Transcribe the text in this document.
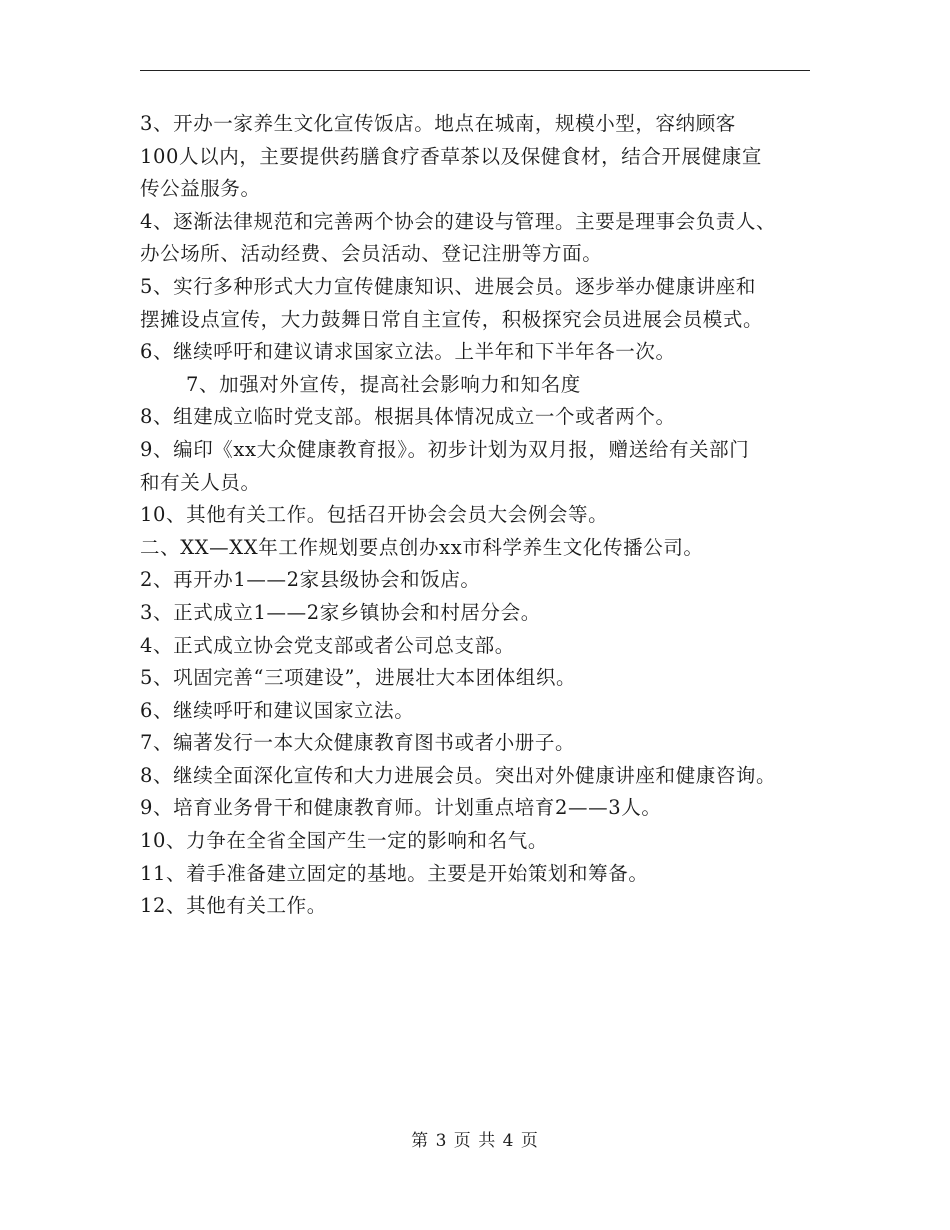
3、开办一家养生文化宣传饭店。地点在城南，规模小型，容纳顾客
100人以内，主要提供药膳食疗香草茶以及保健食材，结合开展健康宣
传公益服务。
4、逐渐法律规范和完善两个协会的建设与管理。主要是理事会负责人、
办公场所、活动经费、会员活动、登记注册等方面。
5、实行多种形式大力宣传健康知识、进展会员。逐步举办健康讲座和
摆摊设点宣传，大力鼓舞日常自主宣传，积极探究会员进展会员模式。
6、继续呼吁和建议请求国家立法。上半年和下半年各一次。
7、加强对外宣传，提高社会影响力和知名度
8、组建成立临时党支部。根据具体情况成立一个或者两个。
9、编印《xx大众健康教育报》。初步计划为双月报，赠送给有关部门
和有关人员。
10、其他有关工作。包括召开协会会员大会例会等。
二、XX—XX年工作规划要点创办xx市科学养生文化传播公司。
2、再开办1——2家县级协会和饭店。
3、正式成立1——2家乡镇协会和村居分会。
4、正式成立协会党支部或者公司总支部。
5、巩固完善“三项建设”，进展壮大本团体组织。
6、继续呼吁和建议国家立法。
7、编著发行一本大众健康教育图书或者小册子。
8、继续全面深化宣传和大力进展会员。突出对外健康讲座和健康咨询。
9、培育业务骨干和健康教育师。计划重点培育2——3人。
10、力争在全省全国产生一定的影响和名气。
11、着手准备建立固定的基地。主要是开始策划和筹备。
12、其他有关工作。
第 3 页 共 4 页
